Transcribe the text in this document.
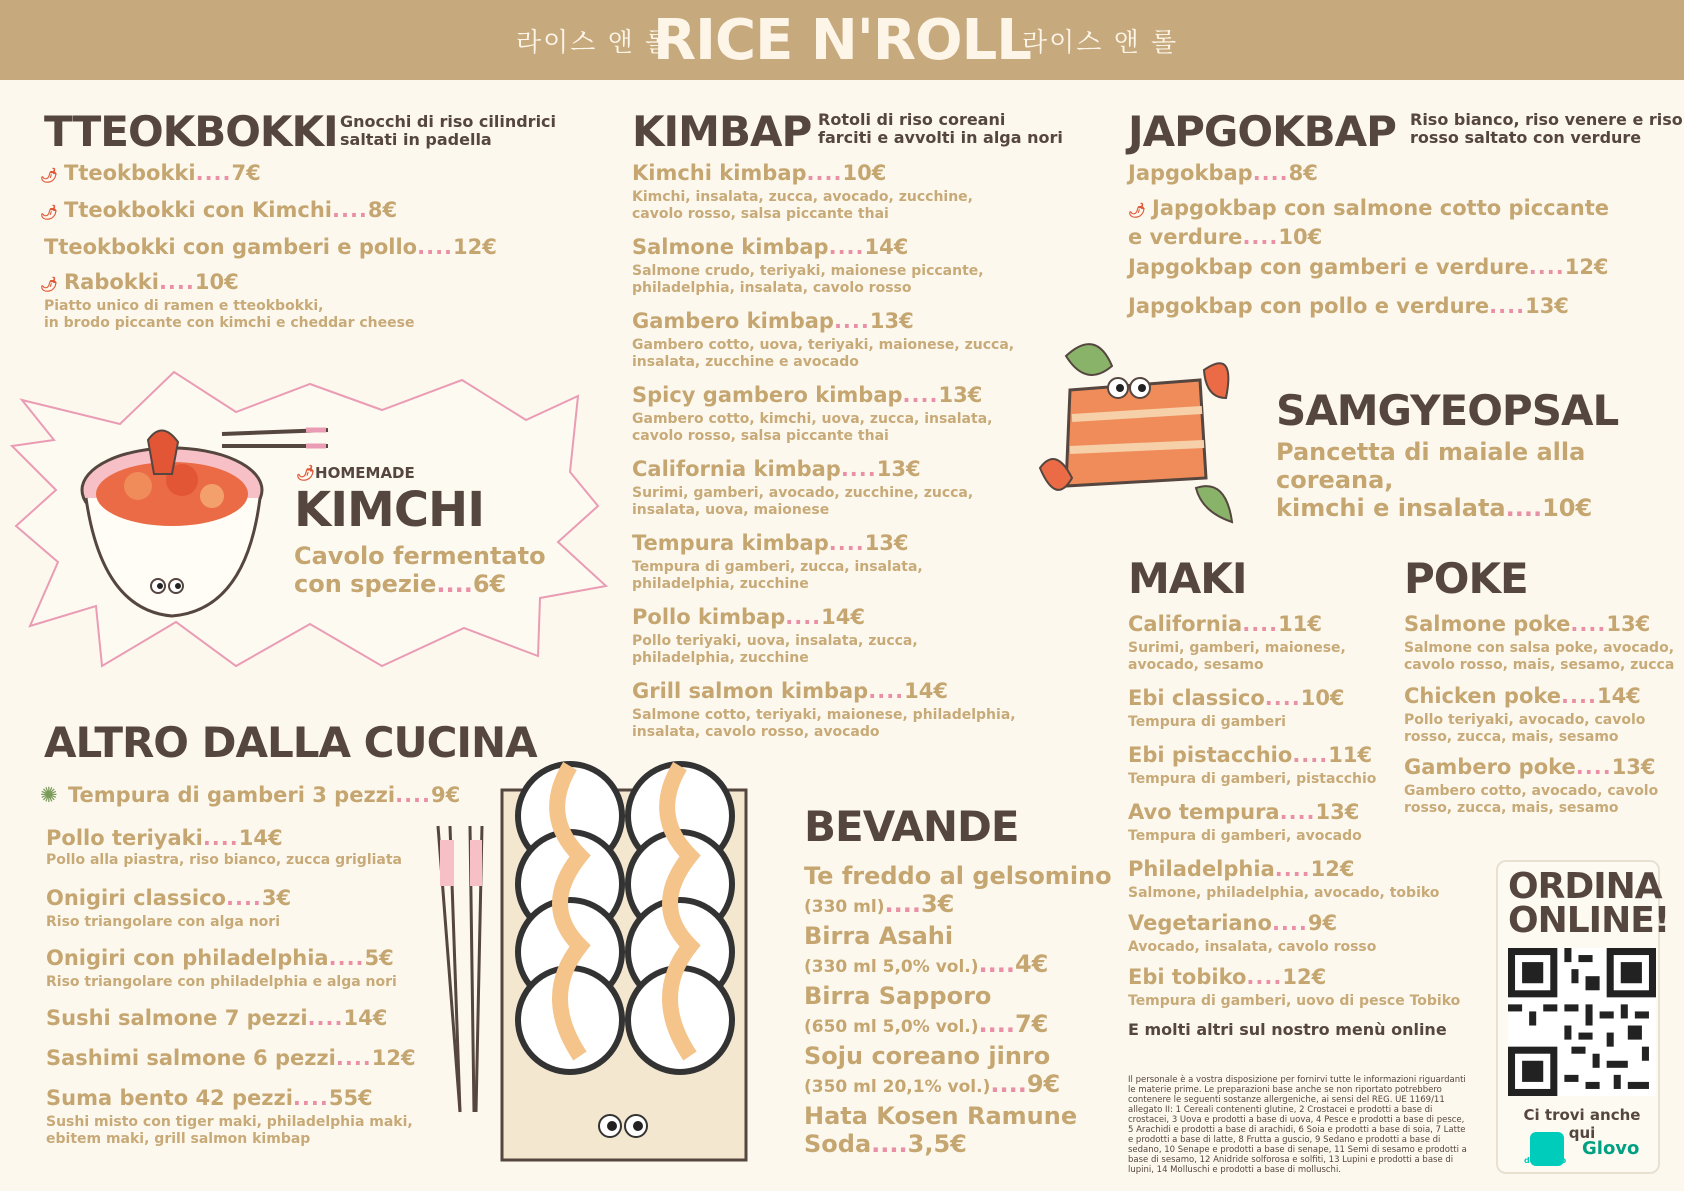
라이스 앤 롤
RICE N'ROLL
라이스 앤 롤
TTEOKBOKKI Gnocchi di riso cilindrici
saltati in padella
🌶 Tteokbokki....7€
🌶 Tteokbokki con Kimchi....8€
Tteokbokki con gamberi e pollo....12€
🌶 Rabokki....10€
Piatto unico di ramen e tteokbokki,
in brodo piccante con kimchi e cheddar cheese
🌶HOMEMADE
KIMCHI
Cavolo fermentato
con spezie....6€
ALTRO DALLA CUCINA
✺ Tempura di gamberi 3 pezzi....9€
Pollo teriyaki....14€
Pollo alla piastra, riso bianco, zucca grigliata
Onigiri classico....3€
Riso triangolare con alga nori
Onigiri con philadelphia....5€
Riso triangolare con philadelphia e alga nori
Sushi salmone 7 pezzi....14€
Sashimi salmone 6 pezzi....12€
Suma bento 42 pezzi....55€
Sushi misto con tiger maki, philadelphia maki,
ebitem maki, grill salmon kimbap
KIMBAP Rotoli di riso coreani
farciti e avvolti in alga nori
Kimchi kimbap....10€
Kimchi, insalata, zucca, avocado, zucchine,
cavolo rosso, salsa piccante thai
Salmone kimbap....14€
Salmone crudo, teriyaki, maionese piccante,
philadelphia, insalata, cavolo rosso
Gambero kimbap....13€
Gambero cotto, uova, teriyaki, maionese, zucca,
insalata, zucchine e avocado
Spicy gambero kimbap....13€
Gambero cotto, kimchi, uova, zucca, insalata,
cavolo rosso, salsa piccante thai
California kimbap....13€
Surimi, gamberi, avocado, zucchine, zucca,
insalata, uova, maionese
Tempura kimbap....13€
Tempura di gamberi, zucca, insalata,
philadelphia, zucchine
Pollo kimbap....14€
Pollo teriyaki, uova, insalata, zucca,
philadelphia, zucchine
Grill salmon kimbap....14€
Salmone cotto, teriyaki, maionese, philadelphia,
insalata, cavolo rosso, avocado
BEVANDE
Te freddo al gelsomino
(330 ml)....3€
Birra Asahi
(330 ml 5,0% vol.)....4€
Birra Sapporo
(650 ml 5,0% vol.)....7€
Soju coreano jinro
(350 ml 20,1% vol.)....9€
Hata Kosen Ramune
Soda....3,5€
JAPGOKBAP Riso bianco, riso venere e riso
rosso saltato con verdure
Japgokbap....8€
🌶 Japgokbap con salmone cotto piccante
e verdure....10€
Japgokbap con gamberi e verdure....12€
Japgokbap con pollo e verdure....13€
SAMGYEOPSAL
Pancetta di maiale alla coreana,
kimchi e insalata....10€
MAKI
California....11€
Surimi, gamberi, maionese,
avocado, sesamo
Ebi classico....10€
Tempura di gamberi
Ebi pistacchio....11€
Tempura di gamberi, pistacchio
Avo tempura....13€
Tempura di gamberi, avocado
Philadelphia....12€
Salmone, philadelphia, avocado, tobiko
Vegetariano....9€
Avocado, insalata, cavolo rosso
Ebi tobiko....12€
Tempura di gamberi, uovo di pesce Tobiko
E molti altri sul nostro menù online
POKE
Salmone poke....13€
Salmone con salsa poke, avocado,
cavolo rosso, mais, sesamo, zucca
Chicken poke....14€
Pollo teriyaki, avocado, cavolo
rosso, zucca, mais, sesamo
Gambero poke....13€
Gambero cotto, avocado, cavolo
rosso, zucca, mais, sesamo
ORDINA
ONLINE!
Ci trovi anche qui
deliveroo
Glovo
Il personale è a vostra disposizione per fornirvi tutte le informazioni riguardanti le materie prime. Le preparazioni base anche se non riportato potrebbero contenere le seguenti sostanze allergeniche, ai sensi del REG. UE 1169/11 allegato II: 1 Cereali contenenti glutine, 2 Crostacei e prodotti a base di crostacei, 3 Uova e prodotti a base di uova, 4 Pesce e prodotti a base di pesce, 5 Arachidi e prodotti a base di arachidi, 6 Soia e prodotti a base di soia, 7 Latte e prodotti a base di latte, 8 Frutta a guscio, 9 Sedano e prodotti a base di sedano, 10 Senape e prodotti a base di senape, 11 Semi di sesamo e prodotti a base di sesamo, 12 Anidride solforosa e solfiti, 13 Lupini e prodotti a base di lupini, 14 Molluschi e prodotti a base di molluschi.
